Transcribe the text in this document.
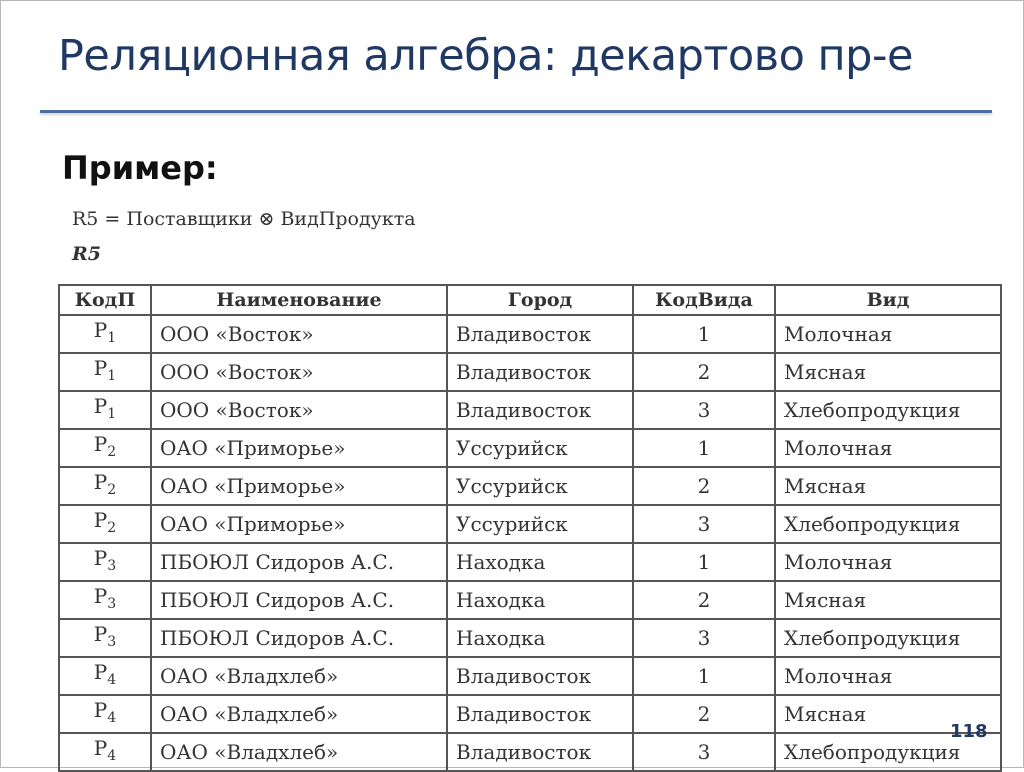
Реляционная алгебра: декартово пр-е
Пример:
R5 = Поставщики ⊗ ВидПродукта
R5
КодП	Наименование	Город	КодВида	Вид
$P_1$	ООО «Восток»	Владивосток	1	Молочная
$P_1$	ООО «Восток»	Владивосток	2	Мясная
$P_1$	ООО «Восток»	Владивосток	3	Хлебопродукция
$P_2$	ОАО «Приморье»	Уссурийск	1	Молочная
$P_2$	ОАО «Приморье»	Уссурийск	2	Мясная
$P_2$	ОАО «Приморье»	Уссурийск	3	Хлебопродукция
$P_3$	ПБОЮЛ Сидоров А.С.	Находка	1	Молочная
$P_3$	ПБОЮЛ Сидоров А.С.	Находка	2	Мясная
$P_3$	ПБОЮЛ Сидоров А.С.	Находка	3	Хлебопродукция
$P_4$	ОАО «Владхлеб»	Владивосток	1	Молочная
$P_4$	ОАО «Владхлеб»	Владивосток	2	Мясная
$P_4$	ОАО «Владхлеб»	Владивосток	3	Хлебопродукция
118
